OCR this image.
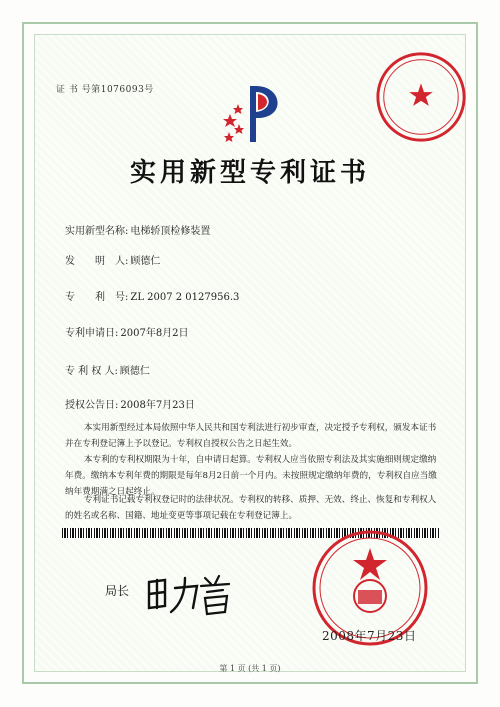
证 书 号第1076093号
实用新型专利证书
实用新型名称: 电梯轿顶检修装置
发　　明　人: 顾德仁
专　　利　号: ZL 2007 2 0127956.3
专利申请日: 2007年8月2日
专 利 权 人: 顾德仁
授权公告日: 2008年7月23日

本实用新型经过本局依照中华人民共和国专利法进行初步审查，决定授予专利权，颁发本证书并在专利登记簿上予以登记。专利权自授权公告之日起生效。

本专利的专利权期限为十年，自申请日起算。专利权人应当依照专利法及其实施细则规定缴纳年费。缴纳本专利年费的期限是每年8月2日前一个月内。未按照规定缴纳年费的，专利权自应当缴纳年费期满之日起终止。

专利证书记载专利权登记时的法律状况。专利权的转移、质押、无效、终止、恢复和专利权人的姓名或名称、国籍、地址变更等事项记载在专利登记簿上。

局长
2008年7月23日
第 1 页 (共 1 页)
